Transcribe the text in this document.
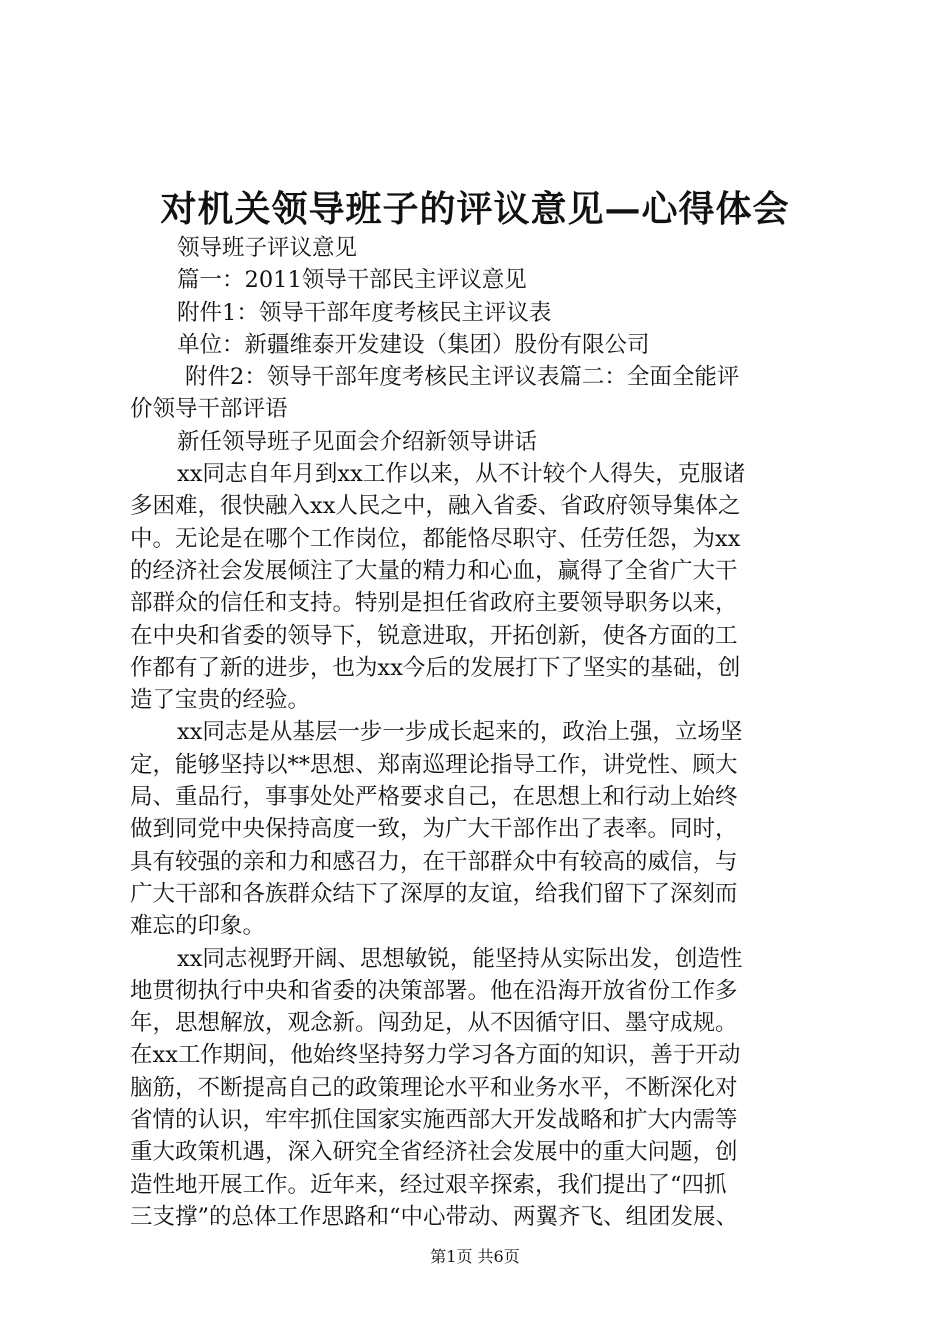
对机关领导班子的评议意见—心得体会
领导班子评议意见
篇一：2011领导干部民主评议意见
附件1：领导干部年度考核民主评议表
单位：新疆维泰开发建设（集团）股份有限公司
附件2：领导干部年度考核民主评议表篇二：全面全能评
价领导干部评语
新任领导班子见面会介绍新领导讲话
xx同志自年月到xx工作以来，从不计较个人得失，克服诸
多困难，很快融入xx人民之中，融入省委、省政府领导集体之
中。无论是在哪个工作岗位，都能恪尽职守、任劳任怨，为xx
的经济社会发展倾注了大量的精力和心血，赢得了全省广大干
部群众的信任和支持。特别是担任省政府主要领导职务以来，
在中央和省委的领导下，锐意进取，开拓创新，使各方面的工
作都有了新的进步，也为xx今后的发展打下了坚实的基础，创
造了宝贵的经验。
xx同志是从基层一步一步成长起来的，政治上强，立场坚
定，能够坚持以**思想、郑南巡理论指导工作，讲党性、顾大
局、重品行，事事处处严格要求自己，在思想上和行动上始终
做到同党中央保持高度一致，为广大干部作出了表率。同时，
具有较强的亲和力和感召力，在干部群众中有较高的威信，与
广大干部和各族群众结下了深厚的友谊，给我们留下了深刻而
难忘的印象。
xx同志视野开阔、思想敏锐，能坚持从实际出发，创造性
地贯彻执行中央和省委的决策部署。他在沿海开放省份工作多
年，思想解放，观念新。闯劲足，从不因循守旧、墨守成规。
在xx工作期间，他始终坚持努力学习各方面的知识，善于开动
脑筋，不断提高自己的政策理论水平和业务水平，不断深化对
省情的认识，牢牢抓住国家实施西部大开发战略和扩大内需等
重大政策机遇，深入研究全省经济社会发展中的重大问题，创
造性地开展工作。近年来，经过艰辛探索，我们提出了“四抓
三支撑”的总体工作思路和“中心带动、两翼齐飞、组团发展、
第1页 共6页
